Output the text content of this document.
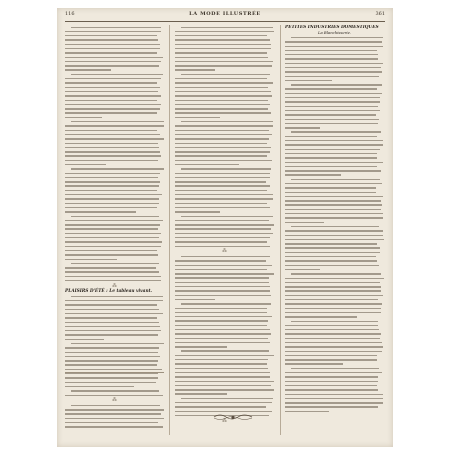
116	LA MODE ILLUSTRÉE	361
⁂
PLAISIRS D'ÉTÉ : Le tableau vivant.
⁂
⁂
⁂
PETITES INDUSTRIES DOMESTIQUES
La Blanchisserie.
